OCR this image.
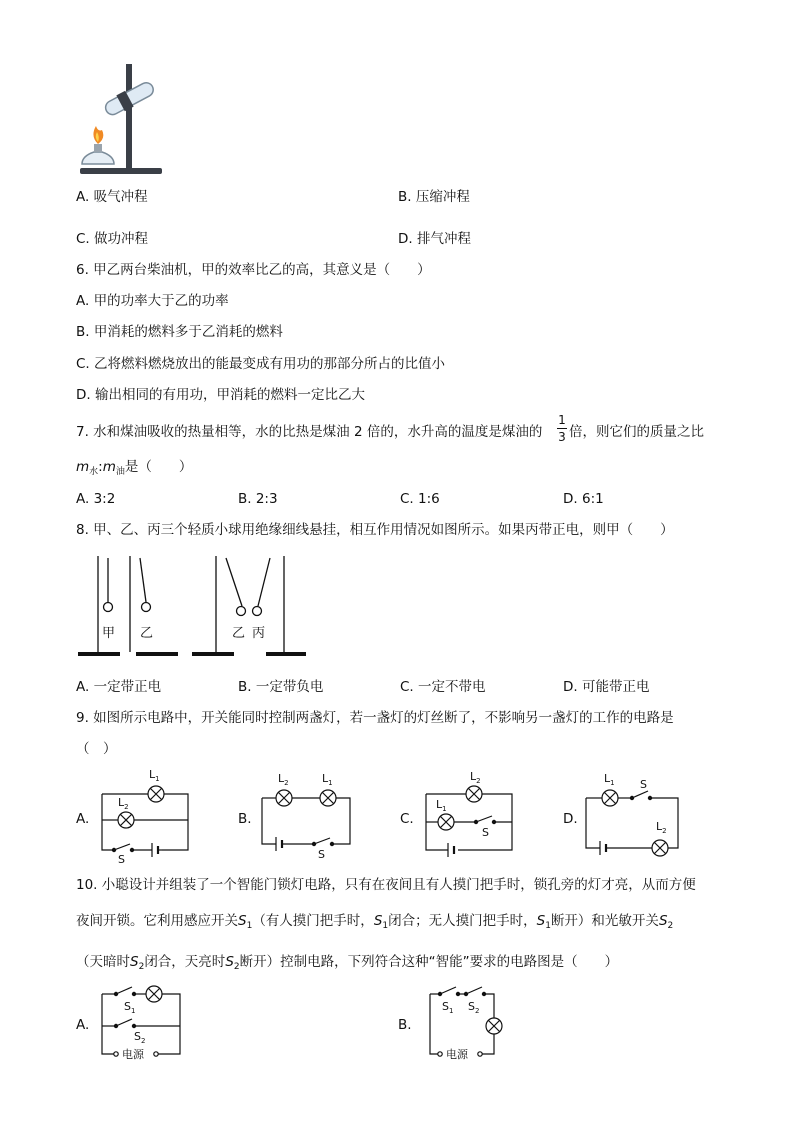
A. 吸气冲程	B. 压缩冲程
C. 做功冲程	D. 排气冲程
6. 甲乙两台柴油机，甲的效率比乙的高，其意义是（　　）
A. 甲的功率大于乙的功率
B. 甲消耗的燃料多于乙消耗的燃料
C. 乙将燃料燃烧放出的能最变成有用功的那部分所占的比值小
D. 输出相同的有用功，甲消耗的燃料一定比乙大
7. 水和煤油吸收的热量相等，水的比热是煤油 2 倍的，水升高的温度是煤油的
1
3 倍，则它们的质量之比
$m_水:m_油$是（　　）
A. 3:2	B. 2:3	C. 1:6	D. 6:1
8. 甲、乙、丙三个轻质小球用绝缘细线悬挂，相互作用情况如图所示。如果丙带正电，则甲（　　）
甲 乙	乙 丙
A. 一定带正电	B. 一定带负电	C. 一定不带电	D. 可能带正电
9. 如图所示电路中，开关能同时控制两盏灯，若一盏灯的灯丝断了，不影响另一盏灯的工作的电路是
（　）
A.	B.	C.	D.
$L_1$
$L_2$
S
$L_2$	$L_1$
S
$L_2$
$L_1$
S
$L_1$ S
$L_2$
10. 小聪设计并组装了一个智能门锁灯电路，只有在夜间且有人摸门把手时，锁孔旁的灯才亮，从而方便
夜间开锁。它利用感应开关$S_1$（有人摸门把手时，$S_1$闭合；无人摸门把手时，$S_1$断开）和光敏开关$S_2$
（天暗时$S_2$闭合，天亮时$S_2$断开）控制电路，下列符合这种“智能”要求的电路图是（　　）
A.	B.
$S_1$
$S_2$
电源
$S_1$ $S_2$
电源
